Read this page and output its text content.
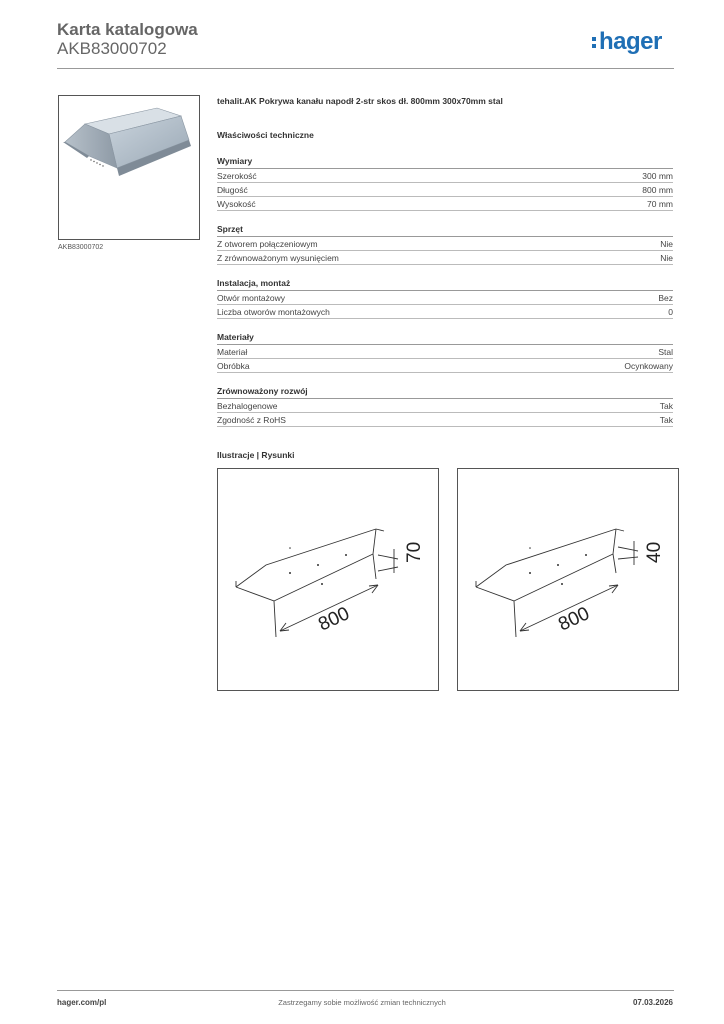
Karta katalogowa
AKB83000702	hager
AKB83000702
tehalit.AK Pokrywa kanału napodł 2-str skos dł. 800mm 300x70mm stal
Właściwości techniczne
Wymiary
Szerokość	300 mm
Długość	800 mm
Wysokość	70 mm
Sprzęt
Z otworem połączeniowym	Nie
Z zrównoważonym wysunięciem	Nie
Instalacja, montaż
Otwór montażowy	Bez
Liczba otworów montażowych	0
Materiały
Materiał	Stal
Obróbka	Ocynkowany
Zrównoważony rozwój
Bezhalogenowe	Tak
Zgodność z RoHS	Tak
Ilustracje | Rysunki
800
70
800
40
hager.com/pl	Zastrzegamy sobie możliwość zmian technicznych	07.03.2026
